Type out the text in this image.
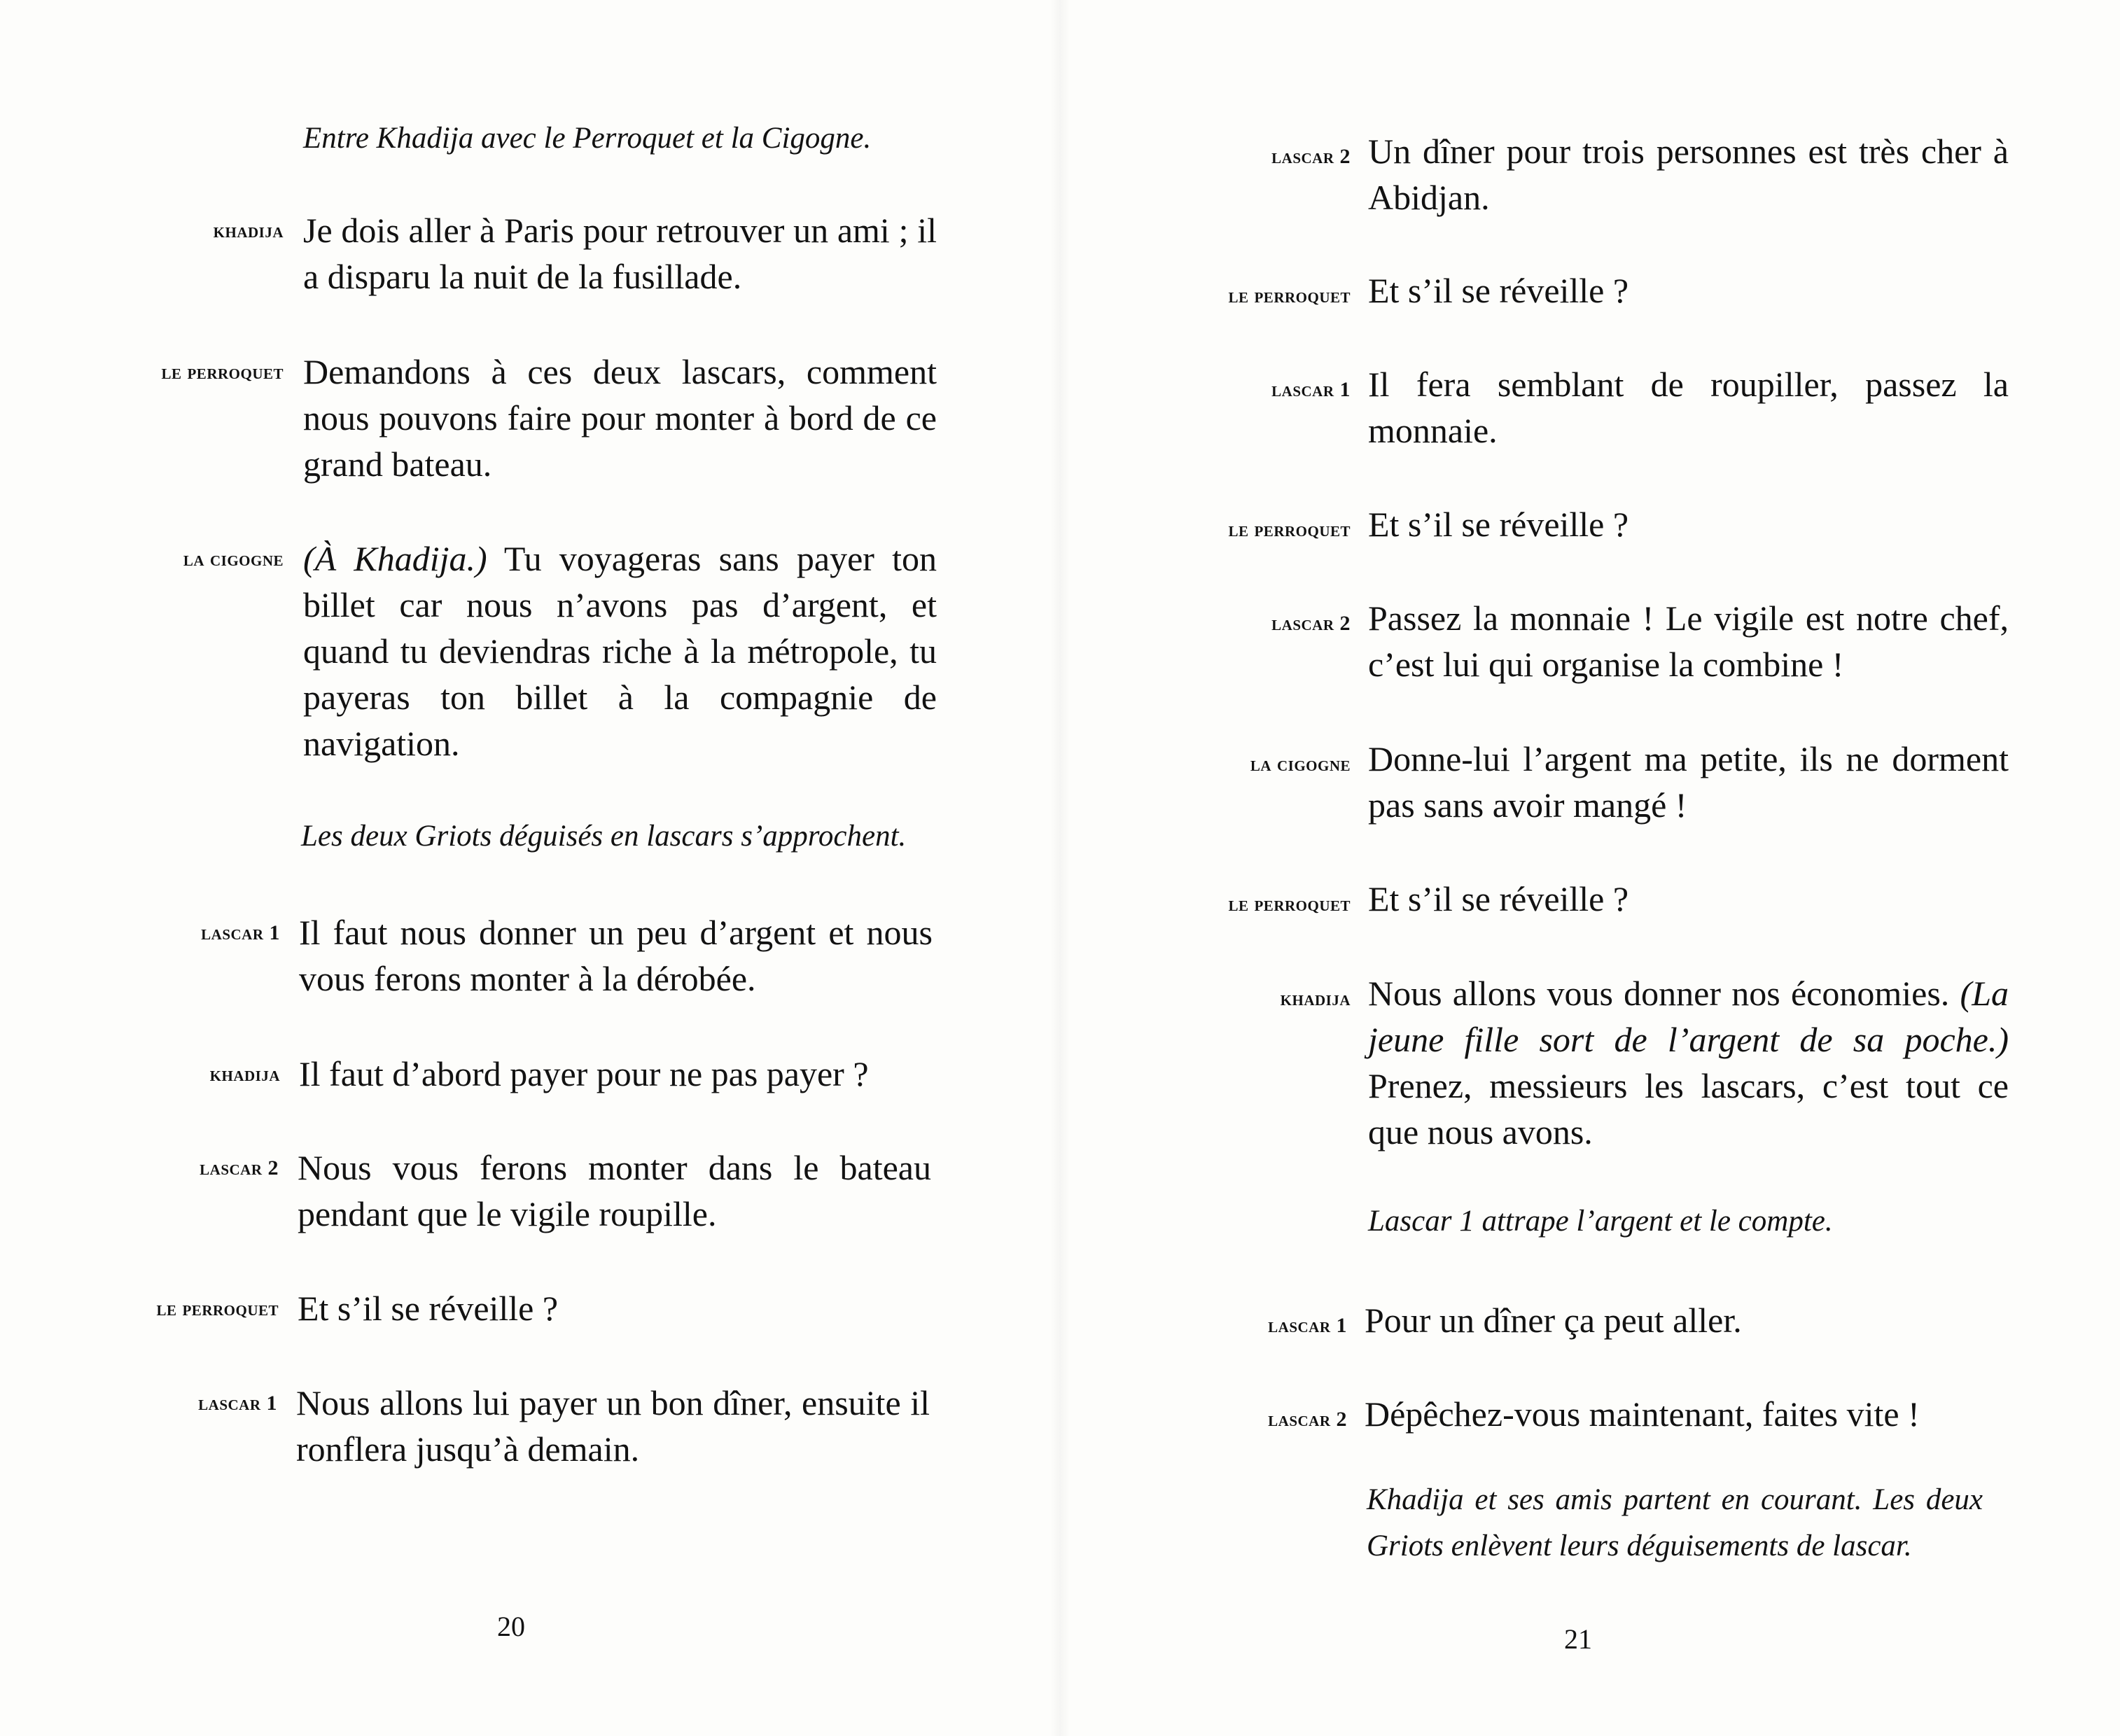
Entre Khadija avec le Perroquet et la Cigogne.
khadija Je dois aller à Paris pour retrouver un ami ; il a disparu la nuit de la fusillade.
le perroquet Demandons à ces deux lascars, comment nous pouvons faire pour monter à bord de ce grand bateau.
la cigogne (À Khadija.) Tu voyageras sans payer ton billet car nous n’avons pas d’argent, et quand tu deviendras riche à la métropole, tu payeras ton billet à la compagnie de navigation.
Les deux Griots déguisés en lascars s’approchent.
lascar 1 Il faut nous donner un peu d’argent et nous vous ferons monter à la dérobée.
khadija Il faut d’abord payer pour ne pas payer ?
lascar 2 Nous vous ferons monter dans le bateau pendant que le vigile roupille.
le perroquet Et s’il se réveille ?
lascar 1 Nous allons lui payer un bon dîner, ensuite il ronflera jusqu’à demain.
20
lascar 2 Un dîner pour trois personnes est très cher à Abidjan.
le perroquet Et s’il se réveille ?
lascar 1 Il fera semblant de roupiller, passez la monnaie.
le perroquet Et s’il se réveille ?
lascar 2 Passez la monnaie ! Le vigile est notre chef, c’est lui qui organise la combine !
la cigogne Donne-lui l’argent ma petite, ils ne dorment pas sans avoir mangé !
le perroquet Et s’il se réveille ?
khadija Nous allons vous donner nos économies. (La jeune fille sort de l’argent de sa poche.) Prenez, messieurs les lascars, c’est tout ce que nous avons.
Lascar 1 attrape l’argent et le compte.
lascar 1 Pour un dîner ça peut aller.
lascar 2 Dépêchez-vous maintenant, faites vite !
Khadija et ses amis partent en courant. Les deux Griots enlèvent leurs déguisements de lascar.
21
